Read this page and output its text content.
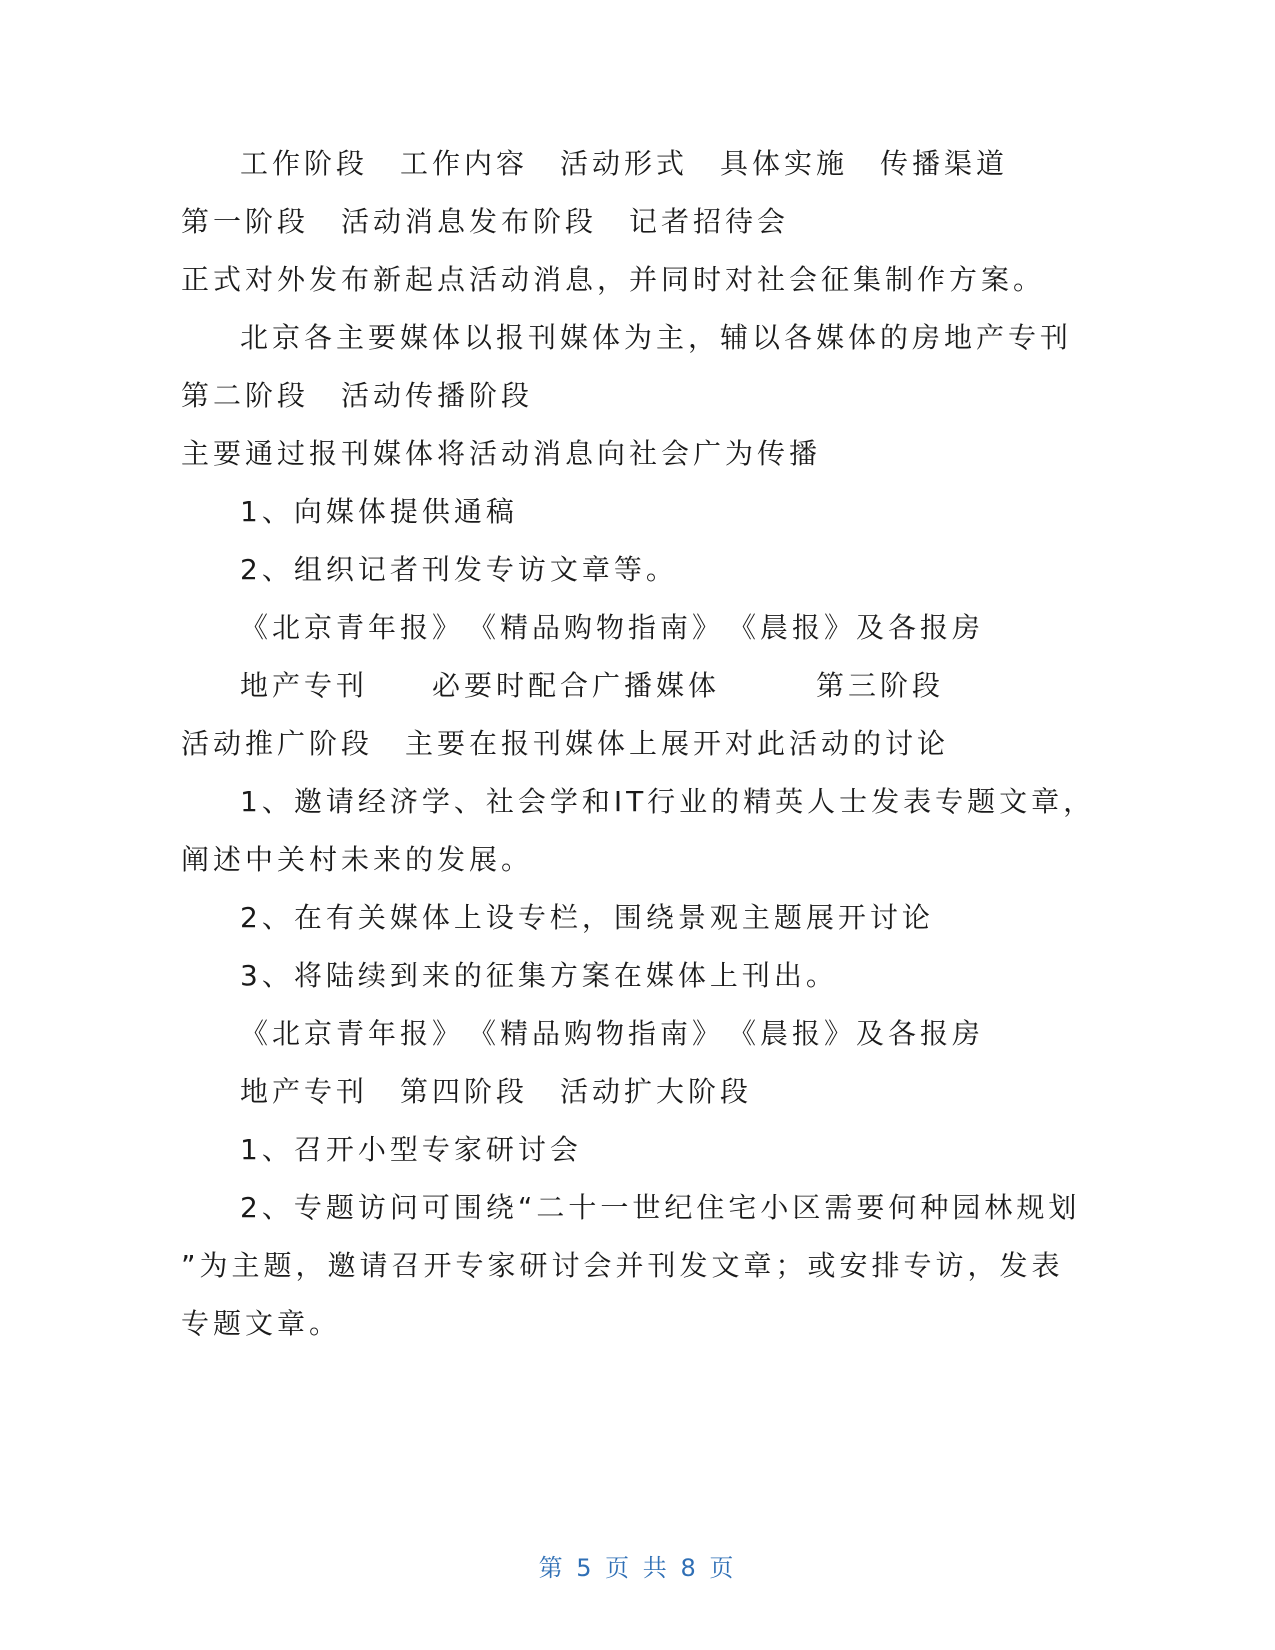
工作阶段　工作内容　活动形式　具体实施　传播渠道
第一阶段　活动消息发布阶段　记者招待会
正式对外发布新起点活动消息，并同时对社会征集制作方案。
北京各主要媒体以报刊媒体为主，辅以各媒体的房地产专刊
第二阶段　活动传播阶段
主要通过报刊媒体将活动消息向社会广为传播
1、向媒体提供通稿
2、组织记者刊发专访文章等。
《北京青年报》　《精品购物指南》　《晨报》及各报房
地产专刊　　必要时配合广播媒体　　　第三阶段
活动推广阶段　主要在报刊媒体上展开对此活动的讨论
1、邀请经济学、社会学和IT行业的精英人士发表专题文章，
阐述中关村未来的发展。
2、在有关媒体上设专栏，围绕景观主题展开讨论
3、将陆续到来的征集方案在媒体上刊出。
《北京青年报》　《精品购物指南》　《晨报》及各报房
地产专刊　第四阶段　活动扩大阶段
1、召开小型专家研讨会
2、专题访问可围绕“二十一世纪住宅小区需要何种园林规划
”为主题，邀请召开专家研讨会并刊发文章；或安排专访，发表
专题文章。
第 5 页 共 8 页
